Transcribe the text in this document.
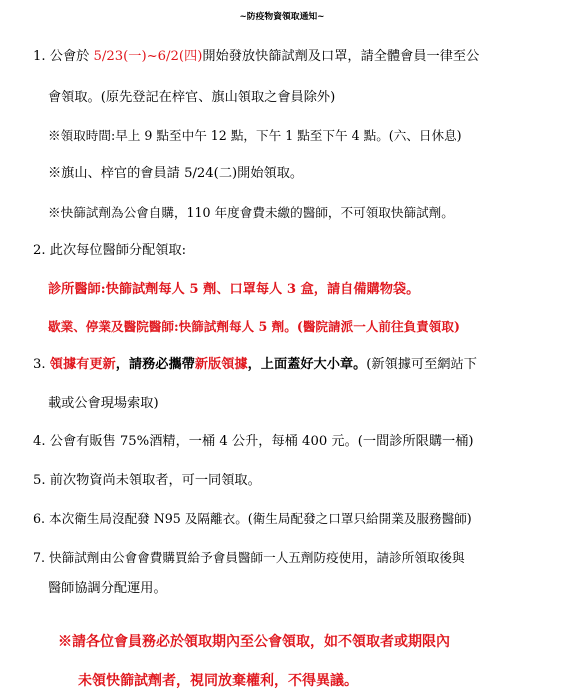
~防疫物資領取通知~
1. 公會於 5/23(一)~6/2(四)開始發放快篩試劑及口罩，請全體會員一律至公
會領取。(原先登記在梓官、旗山領取之會員除外)
※領取時間:早上 9 點至中午 12 點，下午 1 點至下午 4 點。(六、日休息)
※旗山、梓官的會員請 5/24(二)開始領取。
※快篩試劑為公會自購，110 年度會費未繳的醫師，不可領取快篩試劑。
2. 此次每位醫師分配領取:
診所醫師:快篩試劑每人 5 劑、口罩每人 3 盒，請自備購物袋。
歇業、停業及醫院醫師:快篩試劑每人 5 劑。(醫院請派一人前往負責領取)
3. 領據有更新，請務必攜帶新版領據，上面蓋好大小章。(新領據可至網站下
載或公會現場索取)
4. 公會有販售 75%酒精，一桶 4 公升，每桶 400 元。(一間診所限購一桶)
5. 前次物資尚未領取者，可一同領取。
6. 本次衛生局沒配發 N95 及隔離衣。(衛生局配發之口罩只給開業及服務醫師)
7. 快篩試劑由公會會費購買給予會員醫師一人五劑防疫使用，請診所領取後與
醫師協調分配運用。
※請各位會員務必於領取期內至公會領取，如不領取者或期限內
未領快篩試劑者，視同放棄權利，不得異議。
